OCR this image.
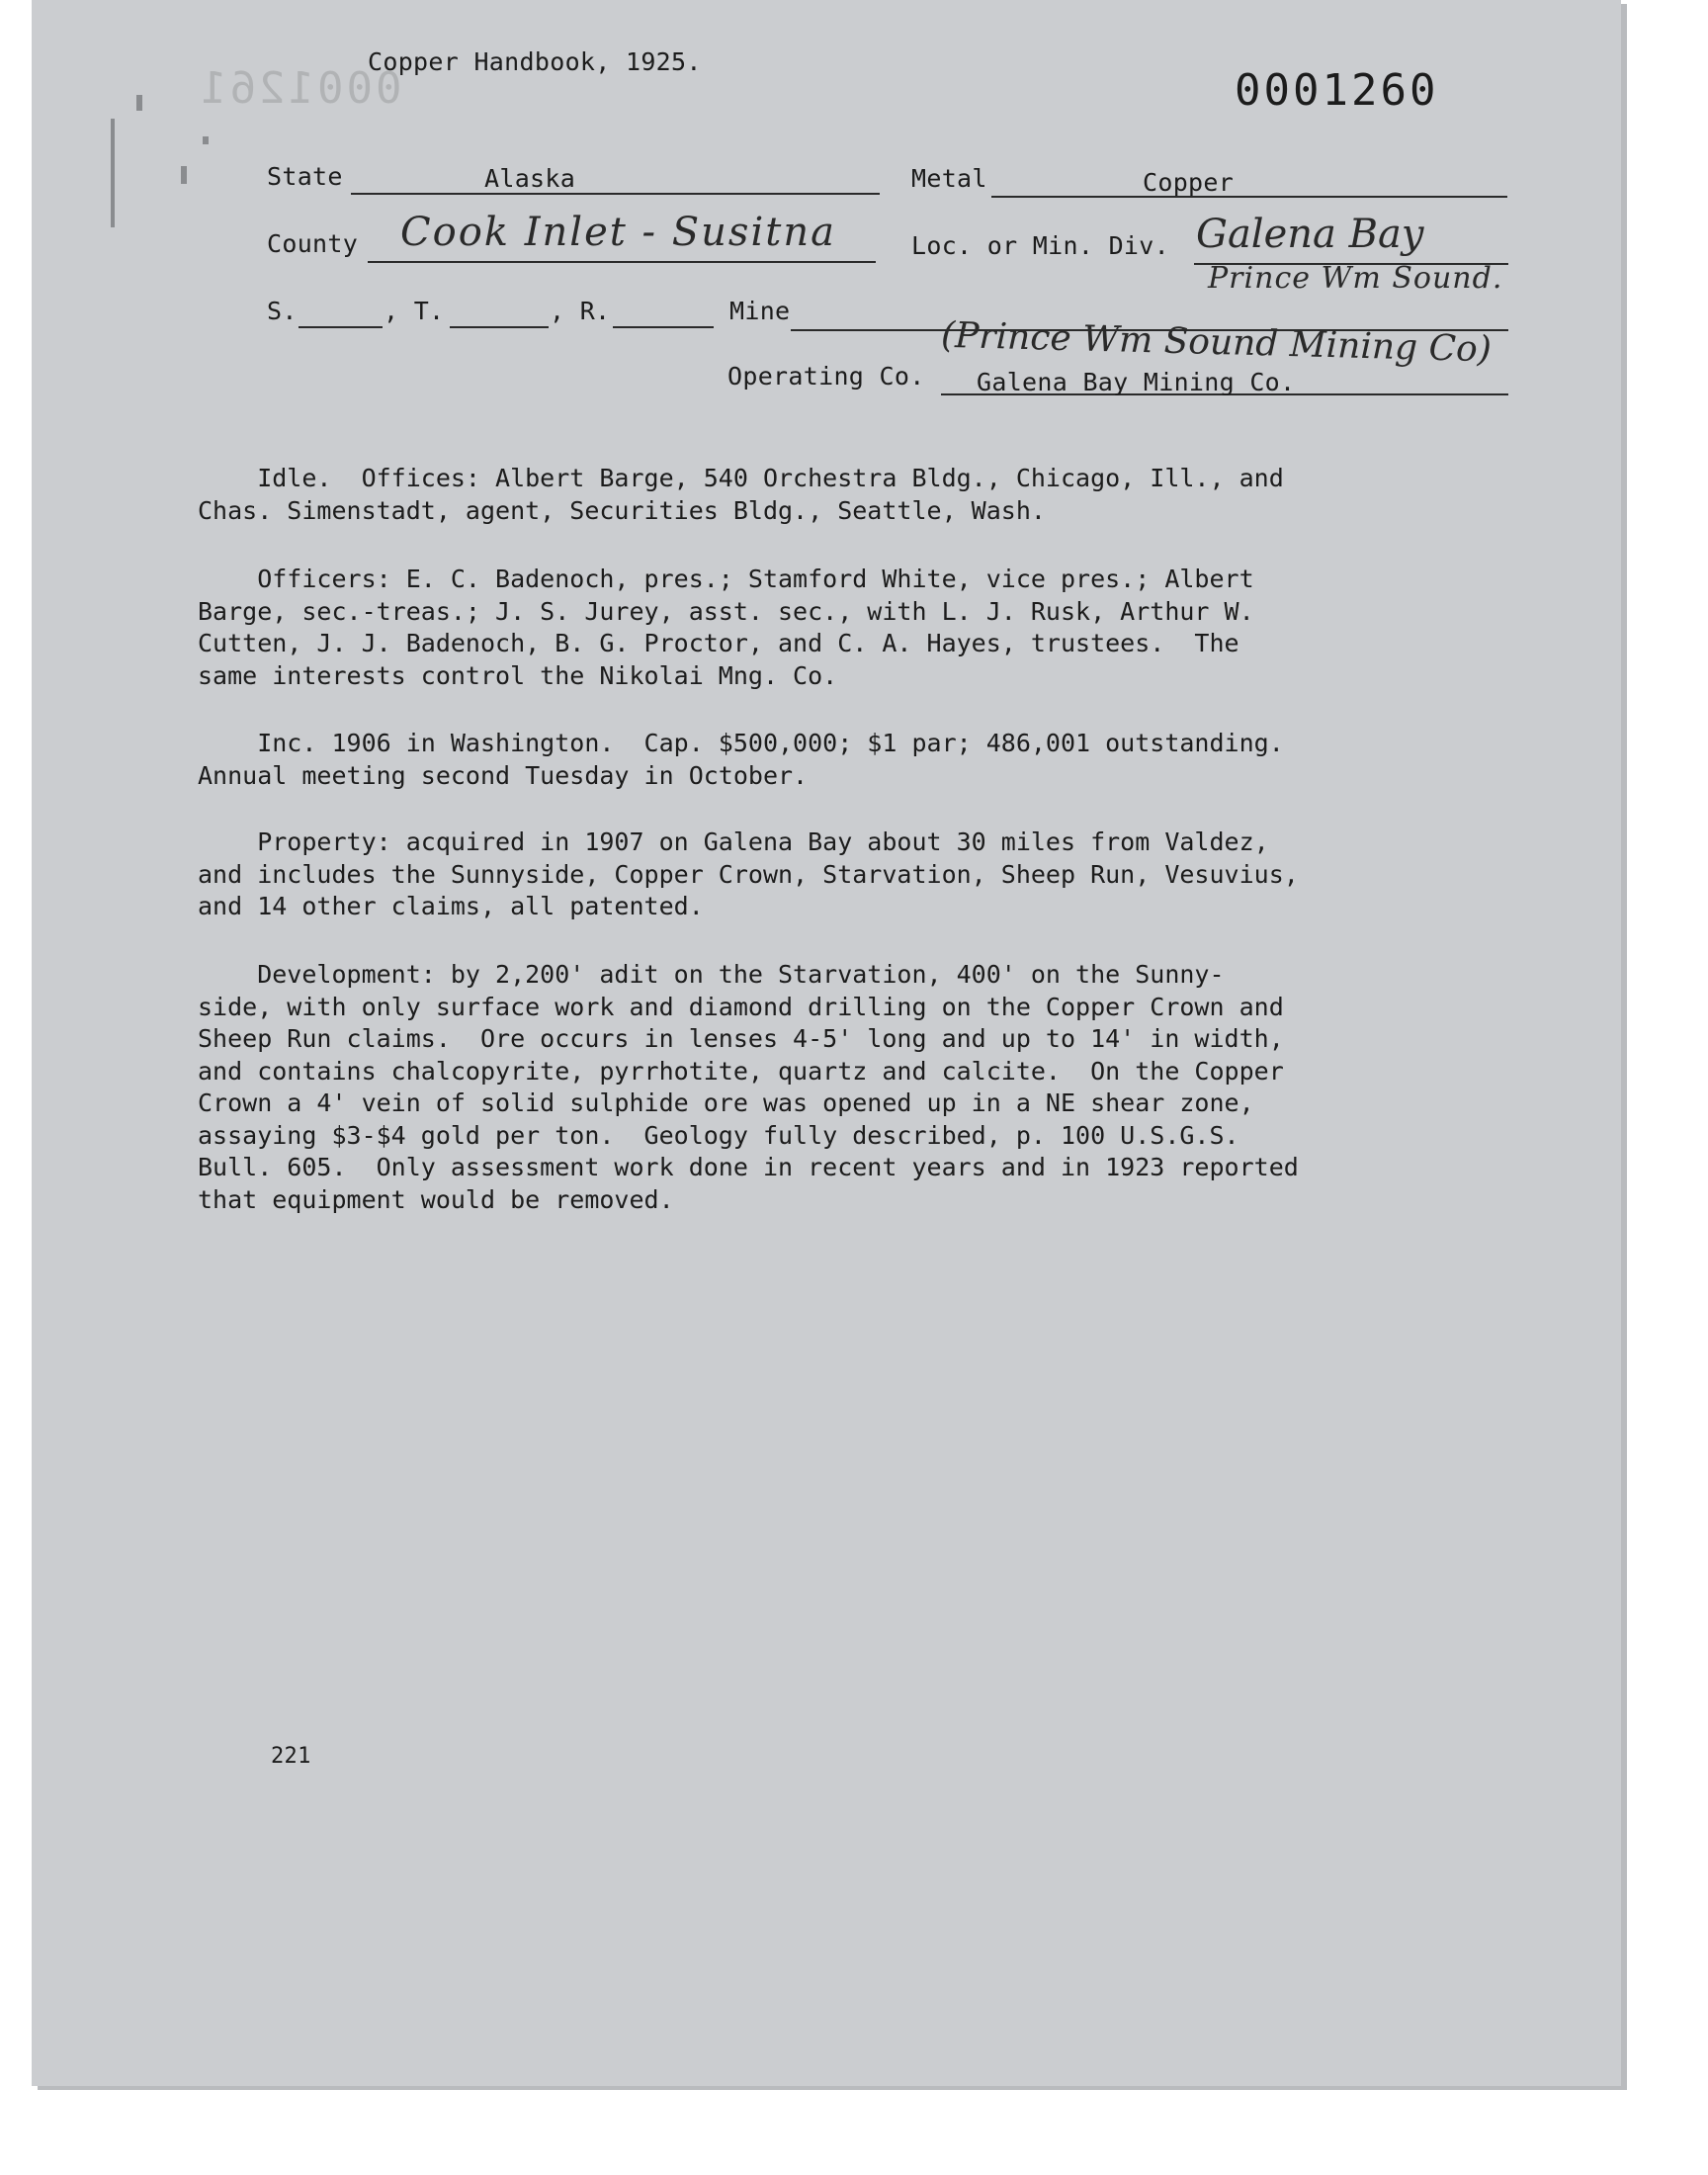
Copper Handbook, 1925.
0001261	0001260
State	Alaska	Metal	Copper
County Cook Inlet - Susitna	Loc. or Min. Div. Galena Bay
Prince Wm Sound.
S.	, T.	, R.	Mine
(Prince Wm Sound Mining Co)
Operating Co. Galena Bay Mining Co.
Idle.  Offices: Albert Barge, 540 Orchestra Bldg., Chicago, Ill., and
Chas. Simenstadt, agent, Securities Bldg., Seattle, Wash.
Officers: E. C. Badenoch, pres.; Stamford White, vice pres.; Albert
Barge, sec.-treas.; J. S. Jurey, asst. sec., with L. J. Rusk, Arthur W.
Cutten, J. J. Badenoch, B. G. Proctor, and C. A. Hayes, trustees.  The
same interests control the Nikolai Mng. Co.
Inc. 1906 in Washington.  Cap. $500,000; $1 par; 486,001 outstanding.
Annual meeting second Tuesday in October.
Property: acquired in 1907 on Galena Bay about 30 miles from Valdez,
and includes the Sunnyside, Copper Crown, Starvation, Sheep Run, Vesuvius,
and 14 other claims, all patented.
Development: by 2,200' adit on the Starvation, 400' on the Sunny-
side, with only surface work and diamond drilling on the Copper Crown and
Sheep Run claims.  Ore occurs in lenses 4-5' long and up to 14' in width,
and contains chalcopyrite, pyrrhotite, quartz and calcite.  On the Copper
Crown a 4' vein of solid sulphide ore was opened up in a NE shear zone,
assaying $3-$4 gold per ton.  Geology fully described, p. 100 U.S.G.S.
Bull. 605.  Only assessment work done in recent years and in 1923 reported
that equipment would be removed.
221
